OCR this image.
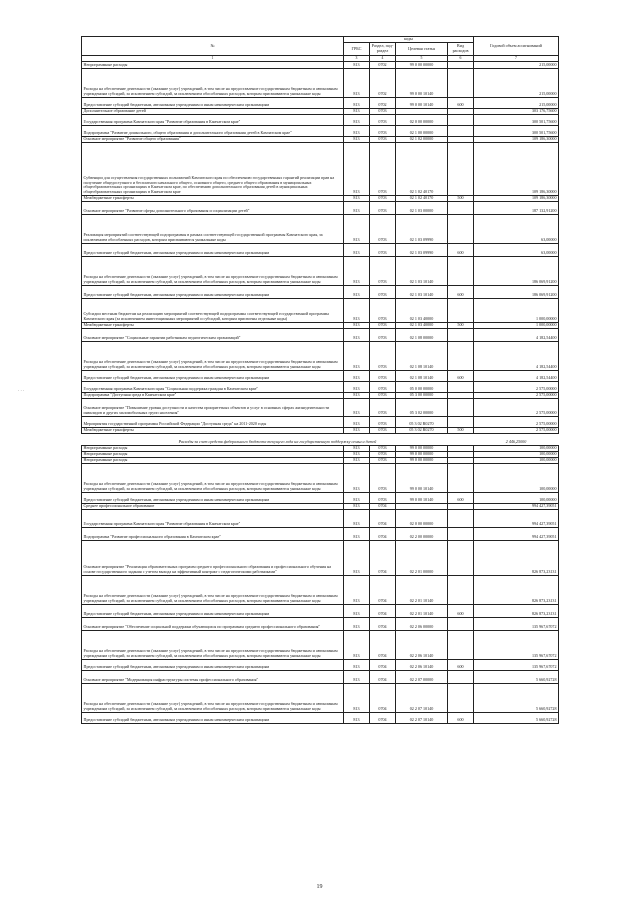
· · ·
№	коды				Годовой объем ассигнований
	ГРБС	Раздел, под-раздел	Целевая статья	Вид расходов	
1	3	4	5	6	7
Непрограммные расходы	813	0702	99 0 00 00000		215,00000
Расходы на обеспечение деятельности (оказание услуг) учреждений, в том числе на предоставление государственным бюджетным и автономным учреждениям субсидий, за исключением субсидий, за исключением обособленных расходов, которым присваиваются уникальные коды	813	0702	99 0 00 10140		215,00000
Предоставление субсидий бюджетным, автономным учреждениям и иным некоммерческим организациям	813	0702	99 0 00 10140	600	215,00000
Дополнительное образование детей	813	0703			303 176,75600
Государственная программа Камчатского края "Развитие образования в Камчатском крае"	813	0703	02 0 00 00000		300 501,75600
Подпрограмма "Развитие дошкольного, общего образования и дополнительного образования детей в Камчатском крае"	813	0703	02 1 00 00000		300 501,75600
Основное мероприятие "Развитие общего образования"	813	0703	02 1 02 00000		109 186,30000
Субвенции для осуществления государственных полномочий Камчатского края по обеспечению государственных гарантий реализации прав на получение общедоступного и бесплатного начального общего, основного общего, среднего общего образования в муниципальных общеобразовательных организациях в Камчатском крае, по обеспечению дополнительного образования детей в муниципальных общеобразовательных организациях в Камчатском крае	813	0703	02 1 02 40170		109 186,30000
Межбюджетные трансферты	813	0703	02 1 02 40170	500	109 186,30000
Основное мероприятие "Развитие сферы дополнительного образования и социализации детей"	813	0703	02 1 03 00000		187 132,91200
Реализация мероприятий соответствующей подпрограммы в рамках соответствующей государственной программы Камчатского края, за исключением обособленных расходов, которым присваиваются уникальные коды	813	0703	02 1 03 09990		63,00000
Предоставление субсидий бюджетным, автономным учреждениям и иным некоммерческим организациям	813	0703	02 1 03 09990	600	63,00000
Расходы на обеспечение деятельности (оказание услуг) учреждений, в том числе на предоставление государственным бюджетным и автономным учреждениям субсидий, за исключением субсидий, за исключением обособленных расходов, которым присваиваются уникальные коды	813	0703	02 1 03 10140		186 069,91200
Предоставление субсидий бюджетным, автономным учреждениям и иным некоммерческим организациям	813	0703	02 1 03 10140	600	186 069,91200
Субсидии местным бюджетам на реализацию мероприятий соответствующей подпрограммы соответствующей государственной программы Камчатского края (за исключением инвестиционных мероприятий и субсидий, которым присвоены отдельные коды)	813	0703	02 1 03 40000		1 000,00000
Межбюджетные трансферты	813	0703	02 1 03 40000	500	1 000,00000
Основное мероприятие "Социальные гарантии работникам педагогическим организаций"	813	0703	02 1 08 00000		4 182,54400
Расходы на обеспечение деятельности (оказание услуг) учреждений, в том числе на предоставление государственным бюджетным и автономным учреждениям субсидий, за исключением субсидий, за исключением обособленных расходов, которым присваиваются уникальные коды	813	0703	02 1 08 10140		4 182,54400
Предоставление субсидий бюджетным, автономным учреждениям и иным некоммерческим организациям	813	0703	02 1 08 10140	600	4 182,54400
Государственная программа Камчатского края "Социальная поддержка граждан в Камчатском крае"	813	0703	05 0 00 00000		2 575,00000
Подпрограмма "Доступная среда в Камчатском крае"	813	0703	05 3 00 00000		2 575,00000
Основное мероприятие "Повышение уровня доступности и качества приоритетных объектов и услуг в основных сферах жизнедеятельности инвалидов и других маломобильных групп населения"	813	0703	05 3 02 00000		2 575,00000
Мероприятия государственной программы Российской Федерации "Доступная среда" на 2011-2020 годы	813	0703	05 3 02 R0270		2 575,00000
Межбюджетные трансферты	813	0703	05 3 02 R0270	500	2 575,00000
Расходы за счет средств федерального бюджета текущего года на государственную поддержку семьи и детей					2 446,25000
Непрограммные расходы	813	0703	99 0 00 00000		100,00000
Непрограммные расходы	813	0703	99 0 00 00000		100,00000
Непрограммные расходы	813	0703	99 0 00 00000		100,00000
Расходы на обеспечение деятельности (оказание услуг) учреждений, в том числе на предоставление государственным бюджетным и автономным учреждениям субсидий, за исключением субсидий, за исключением обособленных расходов, которым присваиваются уникальные коды	813	0703	99 0 00 10140		100,00000
Предоставление субсидий бюджетным, автономным учреждениям и иным некоммерческим организациям	813	0703	99 0 00 10140	600	100,00000
Среднее профессиональное образование	813	0704			994 427,39051
Государственная программа Камчатского края "Развитие образования в Камчатском крае"	813	0704	02 0 00 00000		994 427,39051
Подпрограмма "Развитие профессионального образования в Камчатском крае"	813	0704	02 2 00 00000		994 427,39051
Основное мероприятие "Реализация образовательных программ среднего профессионального образования и профессионального обучения на основе государственного задания с учетом выхода на эффективный контракт с педагогическими работниками"	813	0704	02 2 01 00000		826 873,23131
Расходы на обеспечение деятельности (оказание услуг) учреждений, в том числе на предоставление государственным бюджетным и автономным учреждениям субсидий, за исключением субсидий, за исключением обособленных расходов, которым присваиваются уникальные коды	813	0704	02 2 01 10140		826 873,23131
Предоставление субсидий бюджетным, автономным учреждениям и иным некоммерческим организациям	813	0704	02 2 01 10140	600	826 873,23131
Основное мероприятие "Обеспечение социальной поддержки обучающихся по программам среднего профессионального образования"	813	0704	02 2 06 00000		135 967,67072
Расходы на обеспечение деятельности (оказание услуг) учреждений, в том числе на предоставление государственным бюджетным и автономным учреждениям субсидий, за исключением субсидий, за исключением обособленных расходов, которым присваиваются уникальные коды	813	0704	02 2 06 10140		135 967,67072
Предоставление субсидий бюджетным, автономным учреждениям и иным некоммерческим организациям	813	0704	02 2 06 10140	600	135 967,67072
Основное мероприятие "Модернизация инфраструктуры системы профессионального образования"	813	0704	02 2 07 00000		5 660,92728
Расходы на обеспечение деятельности (оказание услуг) учреждений, в том числе на предоставление государственным бюджетным и автономным учреждениям субсидий, за исключением субсидий, за исключением обособленных расходов, которым присваиваются уникальные коды	813	0704	02 2 07 10140		5 660,92728
Предоставление субсидий бюджетным, автономным учреждениям и иным некоммерческим организациям	813	0704	02 2 07 10140	600	5 660,92728
19
